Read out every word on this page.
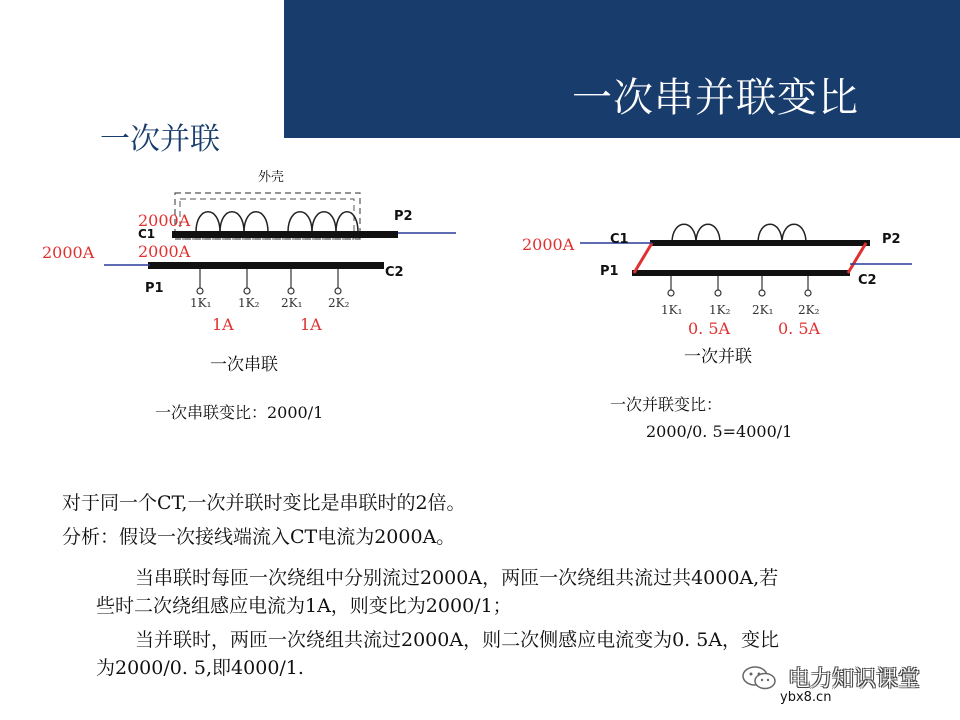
一次串并联变比
一次并联
外壳
1K₁ 1K₂ 2K₁ 2K₂
2000A
C1
P2
2000A
2000A
C2
P1
1A	1A
一次串联
一次串联变比：2000/1
1K₁ 1K₂ 2K₁ 2K₂
2000A	C1	P2
P1
C2
0. 5A	0. 5A
一次并联
一次并联变比：
2000/0. 5=4000/1
对于同一个CT,一次并联时变比是串联时的2倍。
分析：假设一次接线端流入CT电流为2000A。
当串联时每匝一次绕组中分别流过2000A，两匝一次绕组共流过共4000A,若
些时二次绕组感应电流为1A，则变比为2000/1；
当并联时，两匝一次绕组共流过2000A，则二次侧感应电流变为0. 5A，变比
为2000/0. 5,即4000/1.	电力知识课堂
ybx8.cn
